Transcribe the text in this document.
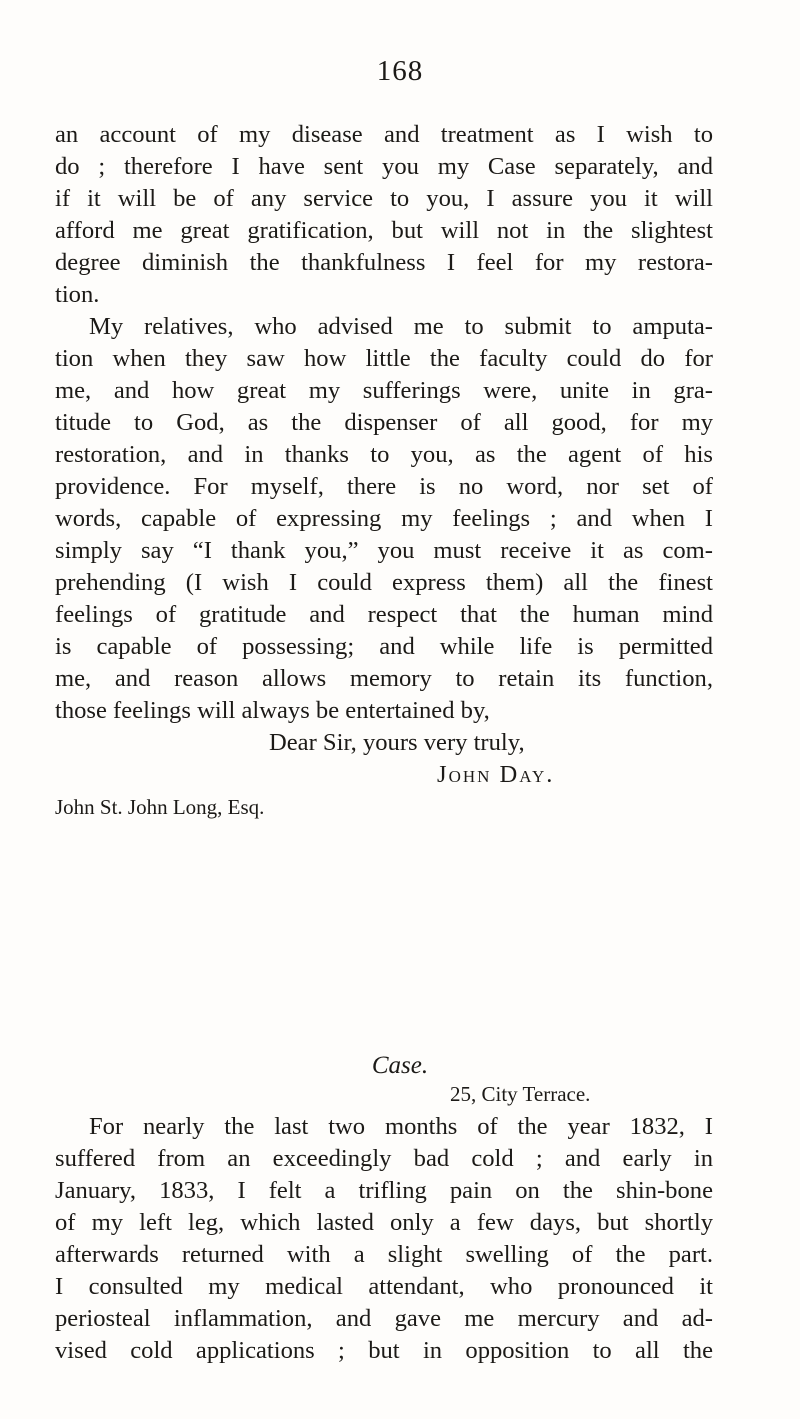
168
an account of my disease and treatment as I wish to
do ; therefore I have sent you my Case separately, and
if it will be of any service to you, I assure you it will
afford me great gratification, but will not in the slightest
degree diminish the thankfulness I feel for my restora-
tion.
My relatives, who advised me to submit to amputa-
tion when they saw how little the faculty could do for
me, and how great my sufferings were, unite in gra-
titude to God, as the dispenser of all good, for my
restoration, and in thanks to you, as the agent of his
providence. For myself, there is no word, nor set of
words, capable of expressing my feelings ; and when I
simply say “I thank you,” you must receive it as com-
prehending (I wish I could express them) all the finest
feelings of gratitude and respect that the human mind
is capable of possessing; and while life is permitted
me, and reason allows memory to retain its function,
those feelings will always be entertained by,
Dear Sir, yours very truly,
John Day.
John St. John Long, Esq.
Case.
25, City Terrace.
For nearly the last two months of the year 1832, I
suffered from an exceedingly bad cold ; and early in
January, 1833, I felt a trifling pain on the shin-bone
of my left leg, which lasted only a few days, but shortly
afterwards returned with a slight swelling of the part.
I consulted my medical attendant, who pronounced it
periosteal inflammation, and gave me mercury and ad-
vised cold applications ; but in opposition to all the
